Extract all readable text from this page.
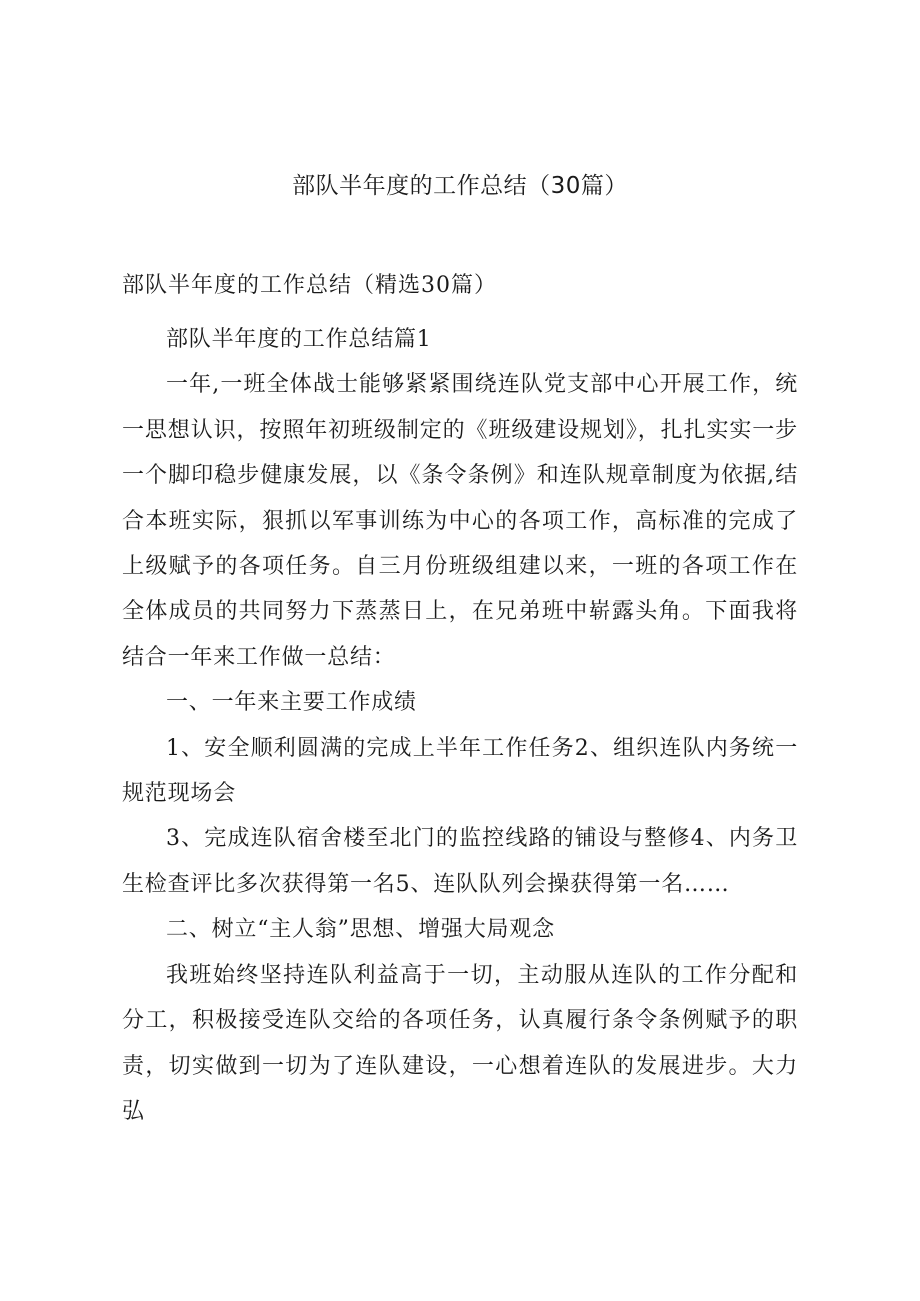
部队半年度的工作总结（30篇）
部队半年度的工作总结（精选30篇）

部队半年度的工作总结篇1

一年,一班全体战士能够紧紧围绕连队党支部中心开展工作，统一思想认识，按照年初班级制定的《班级建设规划》，扎扎实实一步一个脚印稳步健康发展，以《条令条例》和连队规章制度为依据,结合本班实际，狠抓以军事训练为中心的各项工作，高标准的完成了上级赋予的各项任务。自三月份班级组建以来，一班的各项工作在全体成员的共同努力下蒸蒸日上，在兄弟班中崭露头角。下面我将结合一年来工作做一总结：

一、一年来主要工作成绩

1、安全顺利圆满的完成上半年工作任务2、组织连队内务统一规范现场会

3、完成连队宿舍楼至北门的监控线路的铺设与整修4、内务卫生检查评比多次获得第一名5、连队队列会操获得第一名……

二、树立“主人翁”思想、增强大局观念

我班始终坚持连队利益高于一切，主动服从连队的工作分配和分工，积极接受连队交给的各项任务，认真履行条令条例赋予的职责，切实做到一切为了连队建设，一心想着连队的发展进步。大力弘
